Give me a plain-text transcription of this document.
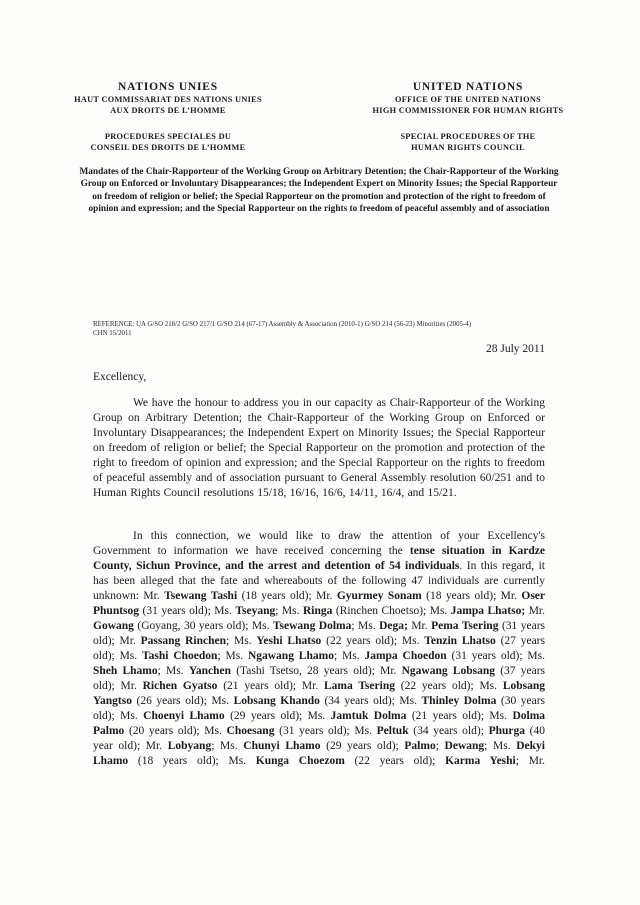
NATIONS UNIES
HAUT COMMISSARIAT DES NATIONS UNIES
AUX DROITS DE L’HOMME
PROCEDURES SPECIALES DU
CONSEIL DES DROITS DE L’HOMME
UNITED NATIONS
OFFICE OF THE UNITED NATIONS
HIGH COMMISSIONER FOR HUMAN RIGHTS
SPECIAL PROCEDURES OF THE
HUMAN RIGHTS COUNCIL
Mandates of the Chair-Rapporteur of the Working Group on Arbitrary Detention; the Chair-Rapporteur of the Working Group on Enforced or Involuntary Disappearances; the Independent Expert on Minority Issues; the Special Rapporteur on freedom of religion or belief; the Special Rapporteur on the promotion and protection of the right to freedom of opinion and expression; and the Special Rapporteur on the rights to freedom of peaceful assembly and of association
REFERENCE: UA G/SO 218/2 G/SO 217/1 G/SO 214 (67-17) Assembly & Association (2010-1) G/SO 214 (56-23) Minorities (2005-4)
CHN 15/2011
28 July 2011
Excellency,

We have the honour to address you in our capacity as Chair-Rapporteur of the Working Group on Arbitrary Detention; the Chair-Rapporteur of the Working Group on Enforced or Involuntary Disappearances; the Independent Expert on Minority Issues; the Special Rapporteur on freedom of religion or belief; the Special Rapporteur on the promotion and protection of the right to freedom of opinion and expression; and the Special Rapporteur on the rights to freedom of peaceful assembly and of association pursuant to General Assembly resolution 60/251 and to Human Rights Council resolutions 15/18, 16/16, 16/6, 14/11, 16/4, and 15/21.

In this connection, we would like to draw the attention of your Excellency's Government to information we have received concerning the tense situation in Kardze County, Sichun Province, and the arrest and detention of 54 individuals. In this regard, it has been alleged that the fate and whereabouts of the following 47 individuals are currently unknown: Mr. Tsewang Tashi (18 years old); Mr. Gyurmey Sonam (18 years old); Mr. Oser Phuntsog (31 years old); Ms. Tseyang; Ms. Ringa (Rinchen Choetso); Ms. Jampa Lhatso; Mr. Gowang (Goyang, 30 years old); Ms. Tsewang Dolma; Ms. Dega; Mr. Pema Tsering (31 years old); Mr. Passang Rinchen; Ms. Yeshi Lhatso (22 years old); Ms. Tenzin Lhatso (27 years old); Ms. Tashi Choedon; Ms. Ngawang Lhamo; Ms. Jampa Choedon (31 years old); Ms. Sheh Lhamo; Ms. Yanchen (Tashi Tsetso, 28 years old); Mr. Ngawang Lobsang (37 years old); Mr. Richen Gyatso (21 years old); Mr. Lama Tsering (22 years old); Ms. Lobsang Yangtso (26 years old); Ms. Lobsang Khando (34 years old); Ms. Thinley Dolma (30 years old); Ms. Choenyi Lhamo (29 years old); Ms. Jamtuk Dolma (21 years old); Ms. Dolma Palmo (20 years old); Ms. Choesang (31 years old); Ms. Peltuk (34 years old); Phurga (40 year old); Mr. Lobyang; Ms. Chunyi Lhamo (29 years old); Palmo; Dewang; Ms. Dekyi Lhamo (18 years old); Ms. Kunga Choezom (22 years old); Karma Yeshi; Mr.
